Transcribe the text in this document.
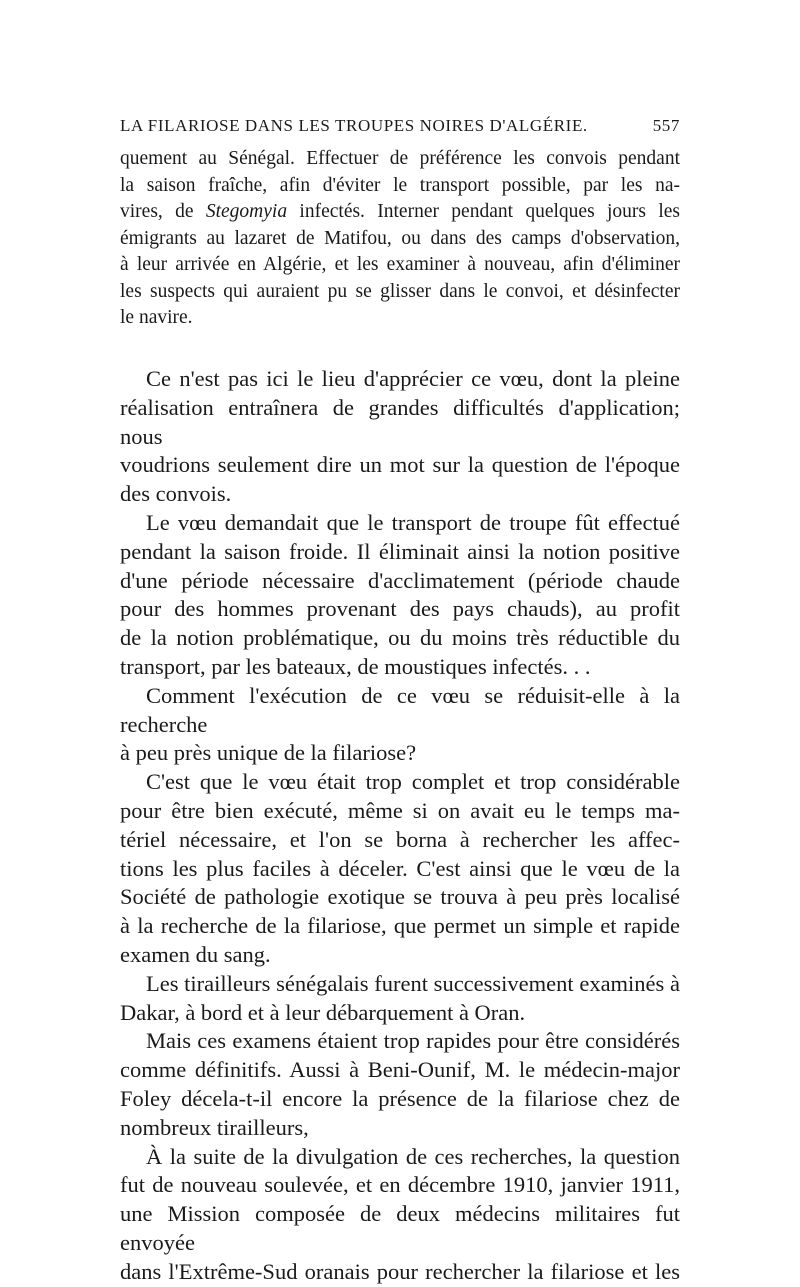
LA FILARIOSE DANS LES TROUPES NOIRES D'ALGÉRIE.	557

quement au Sénégal. Effectuer de préférence les convois pendant

la saison fraîche, afin d'éviter le transport possible, par les na-

vires, de Stegomyia infectés. Interner pendant quelques jours les

émigrants au lazaret de Matifou, ou dans des camps d'observation,

à leur arrivée en Algérie, et les examiner à nouveau, afin d'éliminer

les suspects qui auraient pu se glisser dans le convoi, et désinfecter

le navire.

Ce n'est pas ici le lieu d'apprécier ce vœu, dont la pleine

réalisation entraînera de grandes difficultés d'application; nous

voudrions seulement dire un mot sur la question de l'époque

des convois.

Le vœu demandait que le transport de troupe fût effectué

pendant la saison froide. Il éliminait ainsi la notion positive

d'une période nécessaire d'acclimatement (période chaude

pour des hommes provenant des pays chauds), au profit

de la notion problématique, ou du moins très réductible du

transport, par les bateaux, de moustiques infectés. . .

Comment l'exécution de ce vœu se réduisit-elle à la recherche

à peu près unique de la filariose?

C'est que le vœu était trop complet et trop considérable

pour être bien exécuté, même si on avait eu le temps ma-

tériel nécessaire, et l'on se borna à rechercher les affec-

tions les plus faciles à déceler. C'est ainsi que le vœu de la

Société de pathologie exotique se trouva à peu près localisé

à la recherche de la filariose, que permet un simple et rapide

examen du sang.

Les tirailleurs sénégalais furent successivement examinés à

Dakar, à bord et à leur débarquement à Oran.

Mais ces examens étaient trop rapides pour être considérés

comme définitifs. Aussi à Beni-Ounif, M. le médecin-major

Foley décela-t-il encore la présence de la filariose chez de

nombreux tirailleurs,

À la suite de la divulgation de ces recherches, la question

fut de nouveau soulevée, et en décembre 1910, janvier 1911,

une Mission composée de deux médecins militaires fut envoyée

dans l'Extrême-Sud oranais pour rechercher la filariose et les
